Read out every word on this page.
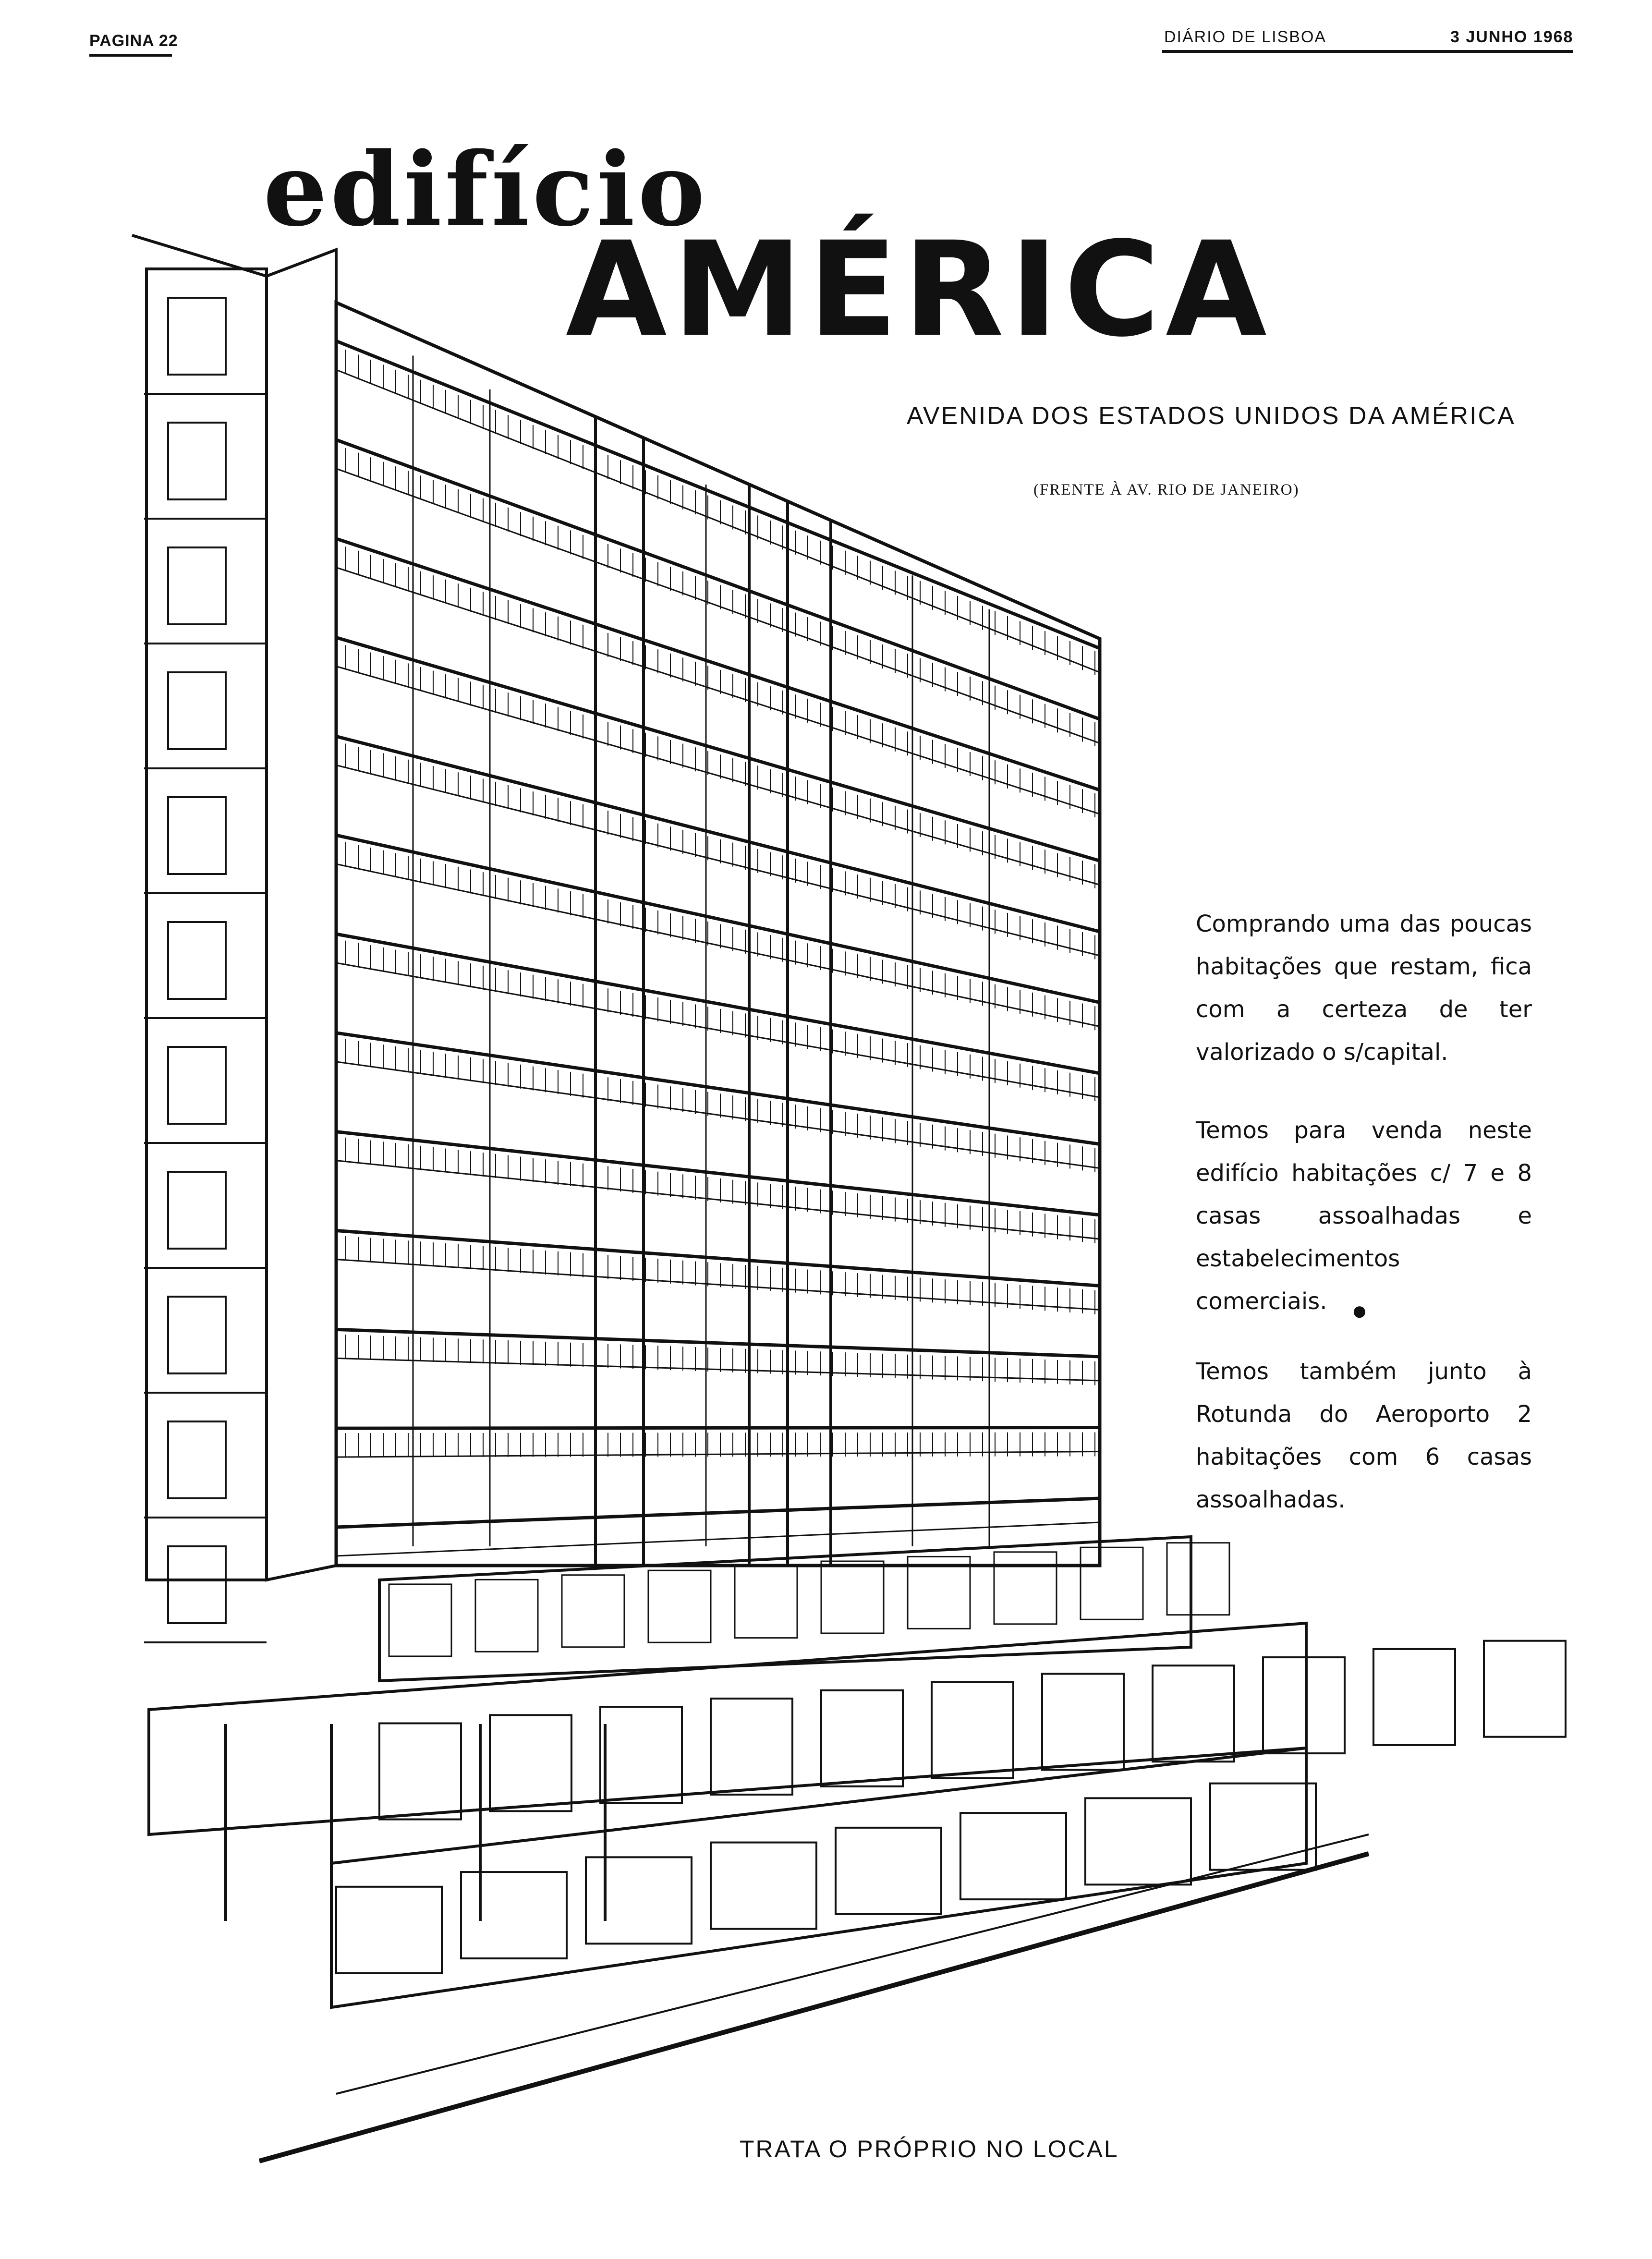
PAGINA 22	DIÁRIO DE LISBOA	3 JUNHO 1968
edifício
AMÉRICA
AVENIDA DOS ESTADOS UNIDOS DA AMÉRICA
(FRENTE À AV. RIO DE JANEIRO)
Comprando uma das poucas habitações que restam, fica com a certeza de ter valorizado o s/capital.
Temos para venda neste edifício habitações c/ 7 e 8 casas assoalhadas e estabelecimentos comerciais. ●
Temos também junto à Rotunda do Aeroporto 2 habitações com 6 casas assoalhadas.
TRATA O PRÓPRIO NO LOCAL
